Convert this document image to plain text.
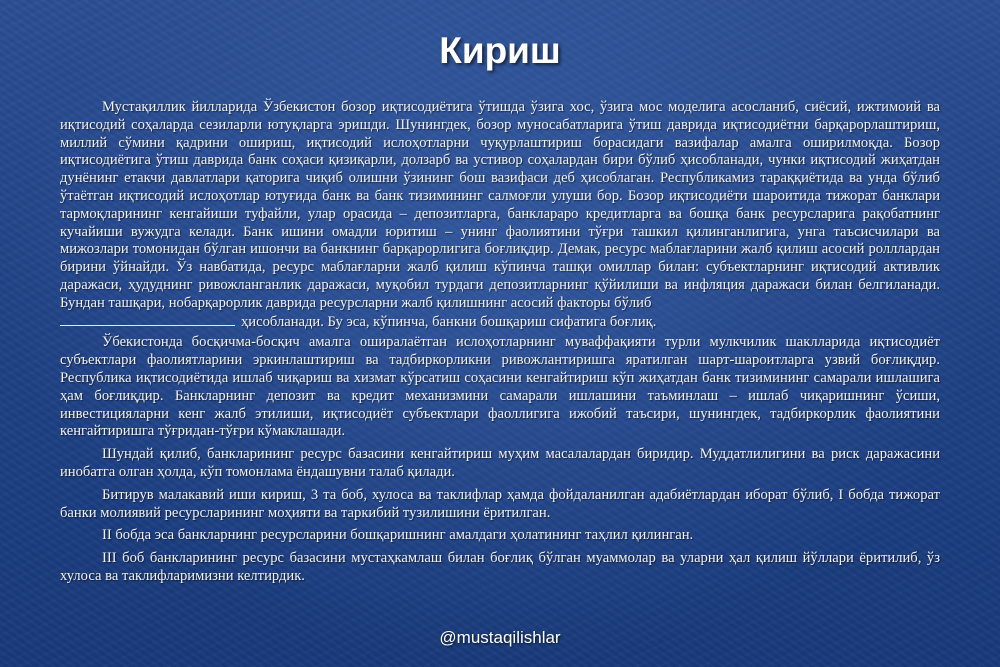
Кириш

Мустақиллик йилларида Ўзбекистон бозор иқтисодиётига ўтишда ўзига хос, ўзига мос моделига асосланиб, сиёсий, ижтимоий ва иқтисодий соҳаларда сезиларли ютуқларга эришди. Шунингдек, бозор муносабатларига ўтиш даврида иқтисодиётни барқарорлаштириш, миллий сўмини қадрини ошириш, иқтисодий ислоҳотларни чуқурлаштириш борасидаги вазифалар амалга оширилмоқда. Бозор иқтисодиётига ўтиш даврида банк соҳаси қизиқарли, долзарб ва устивор соҳалардан бири бўлиб ҳисобланади, чунки иқтисодий жиҳатдан дунёнинг етакчи давлатлари қаторига чиқиб олишни ўзининг бош вазифаси деб ҳисоблаган. Республикамиз тараққиётида ва унда бўлиб ўтаётган иқтисодий ислоҳотлар ютуғида банк ва банк тизимининг салмоғли улуши бор. Бозор иқтисодиёти шароитида тижорат банклари тармоқларининг кенгайиши туфайли, улар орасида – депозитларга, банклараро кредитларга ва бошқа банк ресурсларига рақобатнинг кучайиши вужудга келади. Банк ишини омадли юритиш – унинг фаолиятини тўғри ташкил қилинганлигига, унга таъсисчилари ва мижозлари томонидан бўлган ишончи ва банкнинг барқарорлигига боғлиқдир. Демак, ресурс маблағларини жалб қилиш асосий ролллардан бирини ўйнайди. Ўз навбатида, ресурс маблағларни жалб қилиш кўпинча ташқи омиллар билан: субъектларнинг иқтисодий активлик даражаси, ҳудуднинг ривожланганлик даражаси, муқобил турдаги депозитларнинг қўйилиши ва инфляция даражаси билан белгиланади. Бундан ташқари, нобарқарорлик даврида ресурсларни жалб қилишнинг асосий факторы бўлиб

ҳисобланади. Бу эса, кўпинча, банкни бошқариш сифатига боғлиқ.

Ўбекистонда босқичма-босқич амалга оширалаётган ислоҳотларнинг муваффақияти турли мулкчилик шаклларида иқтисодиёт субъектлари фаолиятларини эркинлаштириш ва тадбиркорликни ривожлантиришга яратилган шарт-шароитларга узвий боғлиқдир. Республика иқтисодиётида ишлаб чиқариш ва хизмат кўрсатиш соҳасини кенгайтириш кўп жиҳатдан банк тизимининг самарали ишлашига ҳам боғлиқдир. Банкларнинг депозит ва кредит механизмини самарали ишлашини таъминлаш – ишлаб чиқаришнинг ўсиши, инвестицияларни кенг жалб этилиши, иқтисодиёт субъектлари фаоллигига ижобий таъсири, шунингдек, тадбиркорлик фаолиятини кенгайтиришга тўғридан-тўғри кўмаклашади.

Шундай қилиб, банкларининг ресурс базасини кенгайтириш муҳим масалалардан биридир. Муддатлилигини ва риск даражасини инобатга олган ҳолда, кўп томонлама ёндашувни талаб қилади.

Битирув малакавий иши кириш, 3 та боб, хулоса ва таклифлар ҳамда фойдаланилган адабиётлардан иборат бўлиб, I бобда тижорат банки молиявий ресурсларининг моҳияти ва таркибий тузилишини ёритилган.

II бобда эса банкларнинг ресурсларини бошқаришнинг амалдаги ҳолатининг таҳлил қилинган.

III боб банкларининг ресурс базасини мустаҳкамлаш билан боғлиқ бўлган муаммолар ва уларни ҳал қилиш йўллари ёритилиб, ўз хулоса ва таклифларимизни келтирдик.

@mustaqilishlar
